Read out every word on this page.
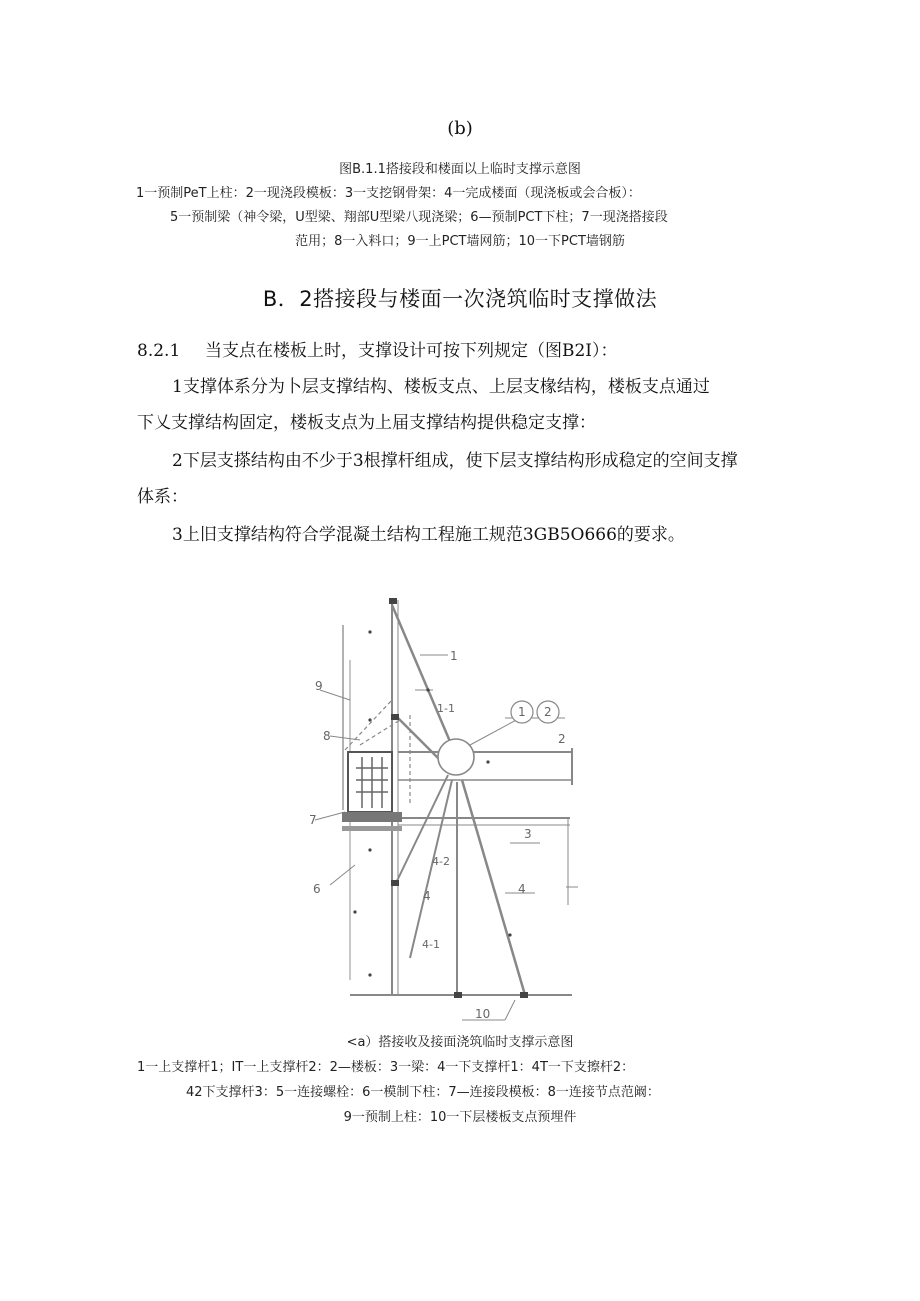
(b)
图B.1.1搭接段和楼面以上临时支撑示意图
1一预制PeT上柱：2一现浇段模板：3一支挖钢骨架：4一完成楼面（现浇板或会合板）：
5一预制梁（神令梁，U型梁、翔部U型梁八现浇梁；6—预制PCT下柱；7一现浇搭接段
范用；8一入料口；9一上PCT墙网筋；10一下PCT墙钢筋
B．2搭接段与楼面一次浇筑临时支撑做法
8.2.1 当支点在楼板上时，支撑设计可按下列规定（图B2I）：
1支撑体系分为卜层支撑结构、楼板支点、上层支椽结构，楼板支点通过
下乂支撑结构固定，楼板支点为上届支撑结构提供稳定支撑：
2下层支搽结构由不少于3根撑杆组成，使下层支撑结构形成稳定的空间支撑
体系：
3上旧支撑结构符合学混凝土结构工程施工规范3GB5O666的要求。
1 2
1
1-1
2
3
4
4
4-2
4-1
6
7
8
9
10
<a）搭接收及接面浇筑临时支撑示意图
1一上支撑杆1；IT一上支撑杆2：2—楼板：3一梁：4一下支撑杆1：4T一下支擦杆2：
42下支撑杆3：5一连接螺栓：6一模制下柱：7—连接段模板：8一连接节点范阚：
9一预制上柱：10一下层楼板支点预埋件
